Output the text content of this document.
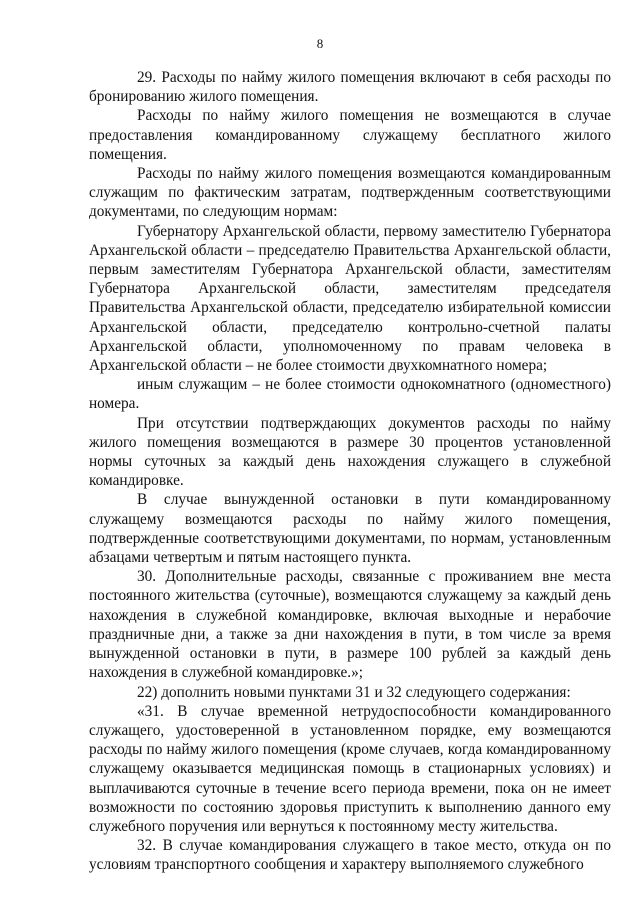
8

29. Расходы по найму жилого помещения включают в себя расходы по бронированию жилого помещения.

Расходы по найму жилого помещения не возмещаются в случае предоставления командированному служащему бесплатного жилого помещения.

Расходы по найму жилого помещения возмещаются командированным служащим по фактическим затратам, подтвержденным соответствующими документами, по следующим нормам:

Губернатору Архангельской области, первому заместителю Губернатора Архангельской области – председателю Правительства Архангельской области, первым заместителям Губернатора Архангельской области, заместителям Губернатора Архангельской области, заместителям председателя Правительства Архангельской области, председателю избирательной комиссии Архангельской области, председателю контрольно-счетной палаты Архангельской области, уполномоченному по правам человека в Архангельской области – не более стоимости двухкомнатного номера;

иным служащим – не более стоимости однокомнатного (одноместного) номера.

При отсутствии подтверждающих документов расходы по найму жилого помещения возмещаются в размере 30 процентов установленной нормы суточных за каждый день нахождения служащего в служебной командировке.

В случае вынужденной остановки в пути командированному служащему возмещаются расходы по найму жилого помещения, подтвержденные соответствующими документами, по нормам, установленным абзацами четвертым и пятым настоящего пункта.

30. Дополнительные расходы, связанные с проживанием вне места постоянного жительства (суточные), возмещаются служащему за каждый день нахождения в служебной командировке, включая выходные и нерабочие праздничные дни, а также за дни нахождения в пути, в том числе за время вынужденной остановки в пути, в размере 100 рублей за каждый день нахождения в служебной командировке.»;

22) дополнить новыми пунктами 31 и 32 следующего содержания:

«31. В случае временной нетрудоспособности командированного служащего, удостоверенной в установленном порядке, ему возмещаются расходы по найму жилого помещения (кроме случаев, когда командированному служащему оказывается медицинская помощь в стационарных условиях) и выплачиваются суточные в течение всего периода времени, пока он не имеет возможности по состоянию здоровья приступить к выполнению данного ему служебного поручения или вернуться к постоянному месту жительства.

32. В случае командирования служащего в такое место, откуда он по условиям транспортного сообщения и характеру выполняемого служебного
